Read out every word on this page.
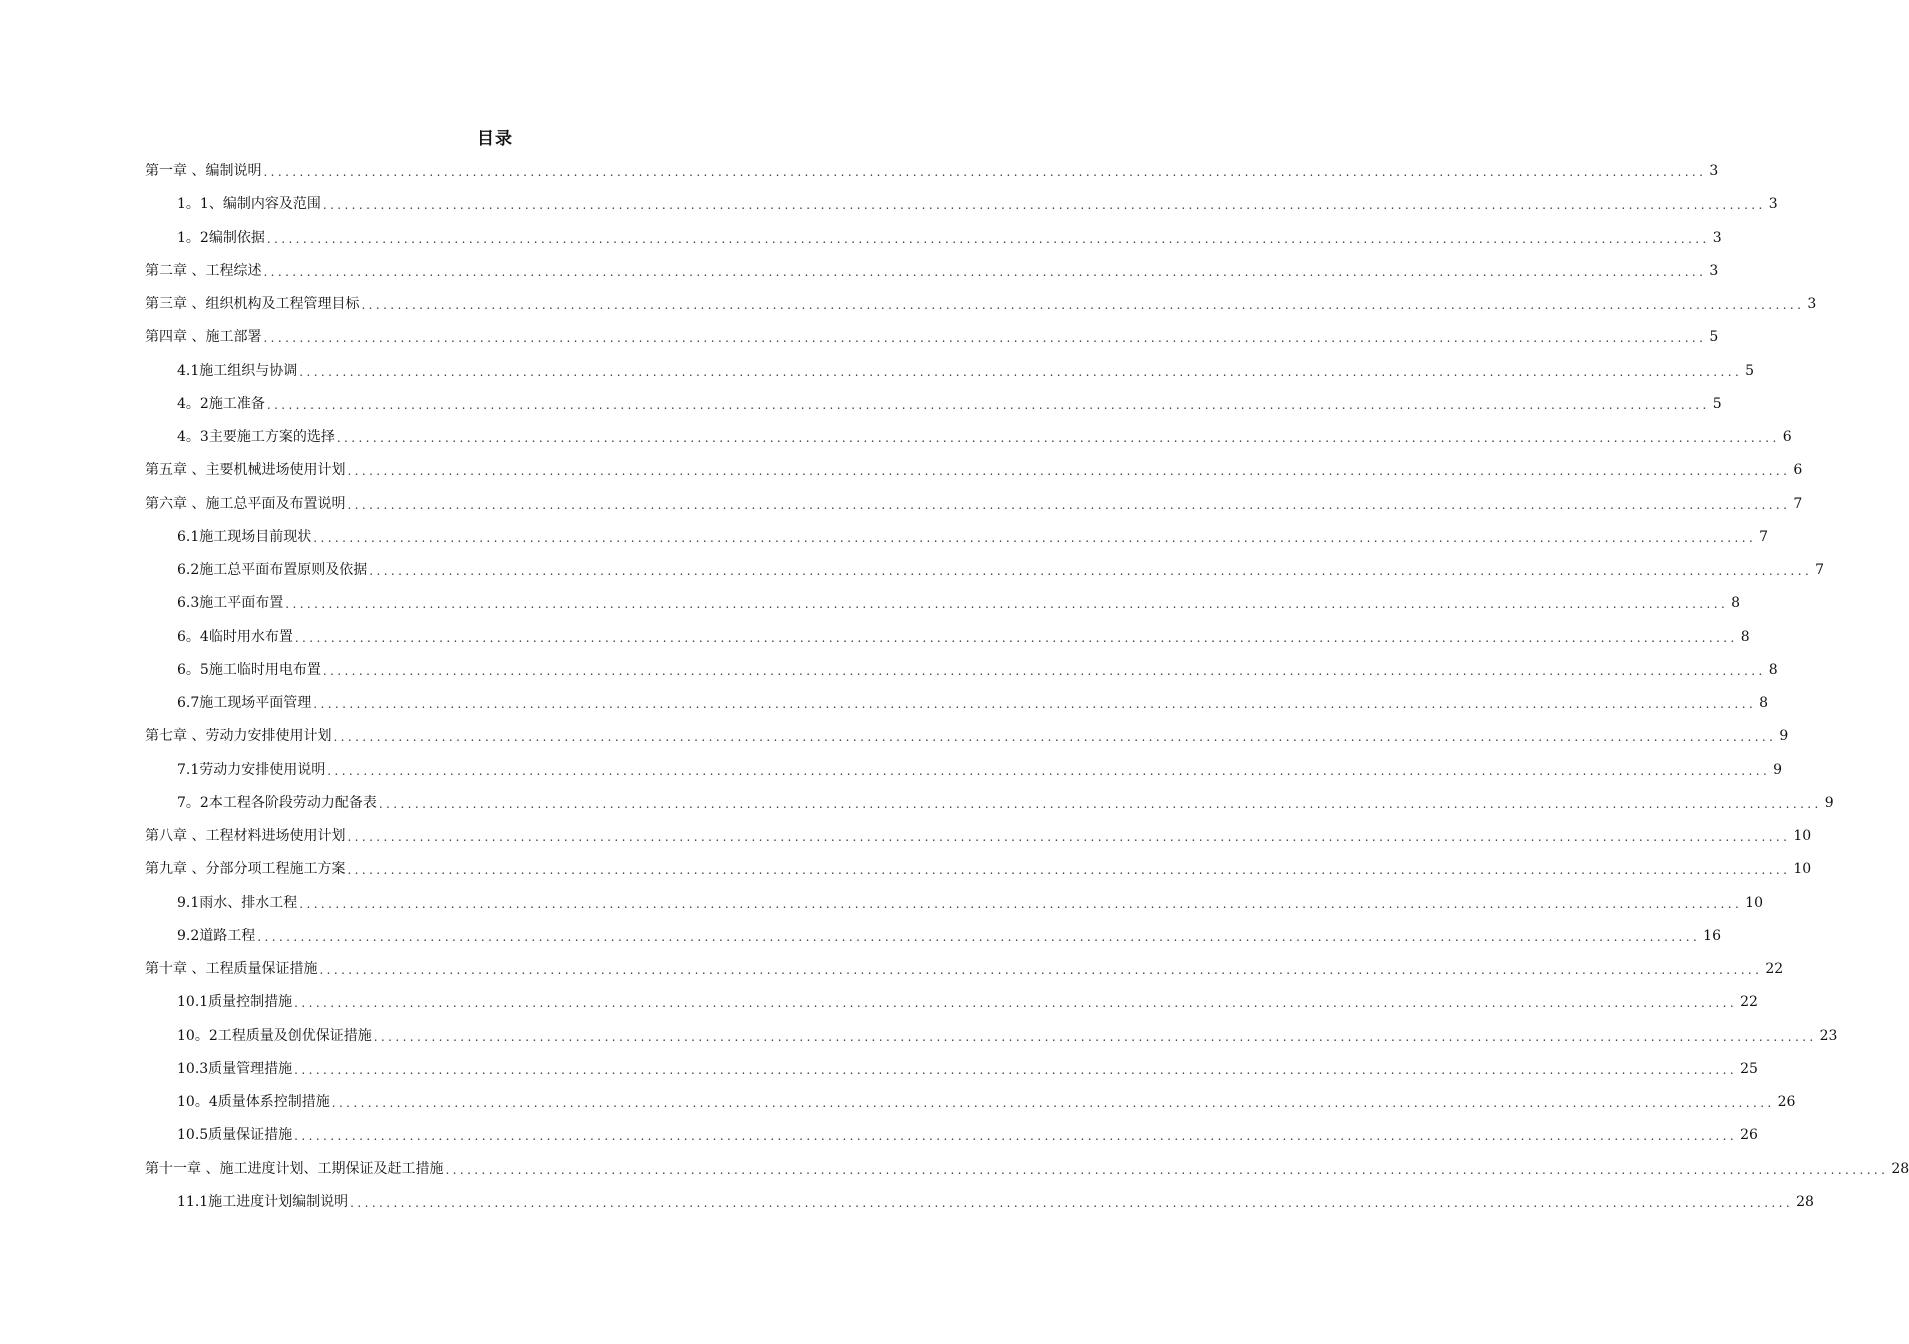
目录
第一章 、编制说明 ........................................................................................................................................................................................................ 3
1。1、编制内容及范围 ........................................................................................................................................................................................................ 3
1。2编制依据 ........................................................................................................................................................................................................ 3
第二章 、工程综述 ........................................................................................................................................................................................................ 3
第三章 、组织机构及工程管理目标 ........................................................................................................................................................................................................ 3
第四章 、施工部署 ........................................................................................................................................................................................................ 5
4.1施工组织与协调 ........................................................................................................................................................................................................ 5
4。2施工准备 ........................................................................................................................................................................................................ 5
4。3主要施工方案的选择 ........................................................................................................................................................................................................ 6
第五章 、主要机械进场使用计划 ........................................................................................................................................................................................................ 6
第六章 、施工总平面及布置说明 ........................................................................................................................................................................................................ 7
6.1施工现场目前现状 ........................................................................................................................................................................................................ 7
6.2施工总平面布置原则及依据 ........................................................................................................................................................................................................ 7
6.3施工平面布置 ........................................................................................................................................................................................................ 8
6。4临时用水布置 ........................................................................................................................................................................................................ 8
6。5施工临时用电布置 ........................................................................................................................................................................................................ 8
6.7施工现场平面管理 ........................................................................................................................................................................................................ 8
第七章 、劳动力安排使用计划 ........................................................................................................................................................................................................ 9
7.1劳动力安排使用说明 ........................................................................................................................................................................................................ 9
7。2本工程各阶段劳动力配备表 ........................................................................................................................................................................................................ 9
第八章 、工程材料进场使用计划 ........................................................................................................................................................................................................ 10
第九章 、分部分项工程施工方案 ........................................................................................................................................................................................................ 10
9.1雨水、排水工程 ........................................................................................................................................................................................................ 10
9.2道路工程 ........................................................................................................................................................................................................ 16
第十章 、工程质量保证措施 ........................................................................................................................................................................................................ 22
10.1质量控制措施 ........................................................................................................................................................................................................ 22
10。2工程质量及创优保证措施 ........................................................................................................................................................................................................ 23
10.3质量管理措施 ........................................................................................................................................................................................................ 25
10。4质量体系控制措施 ........................................................................................................................................................................................................ 26
10.5质量保证措施 ........................................................................................................................................................................................................ 26
第十一章 、施工进度计划、工期保证及赶工措施 ........................................................................................................................................................................................................ 28
11.1施工进度计划编制说明 ........................................................................................................................................................................................................ 28
